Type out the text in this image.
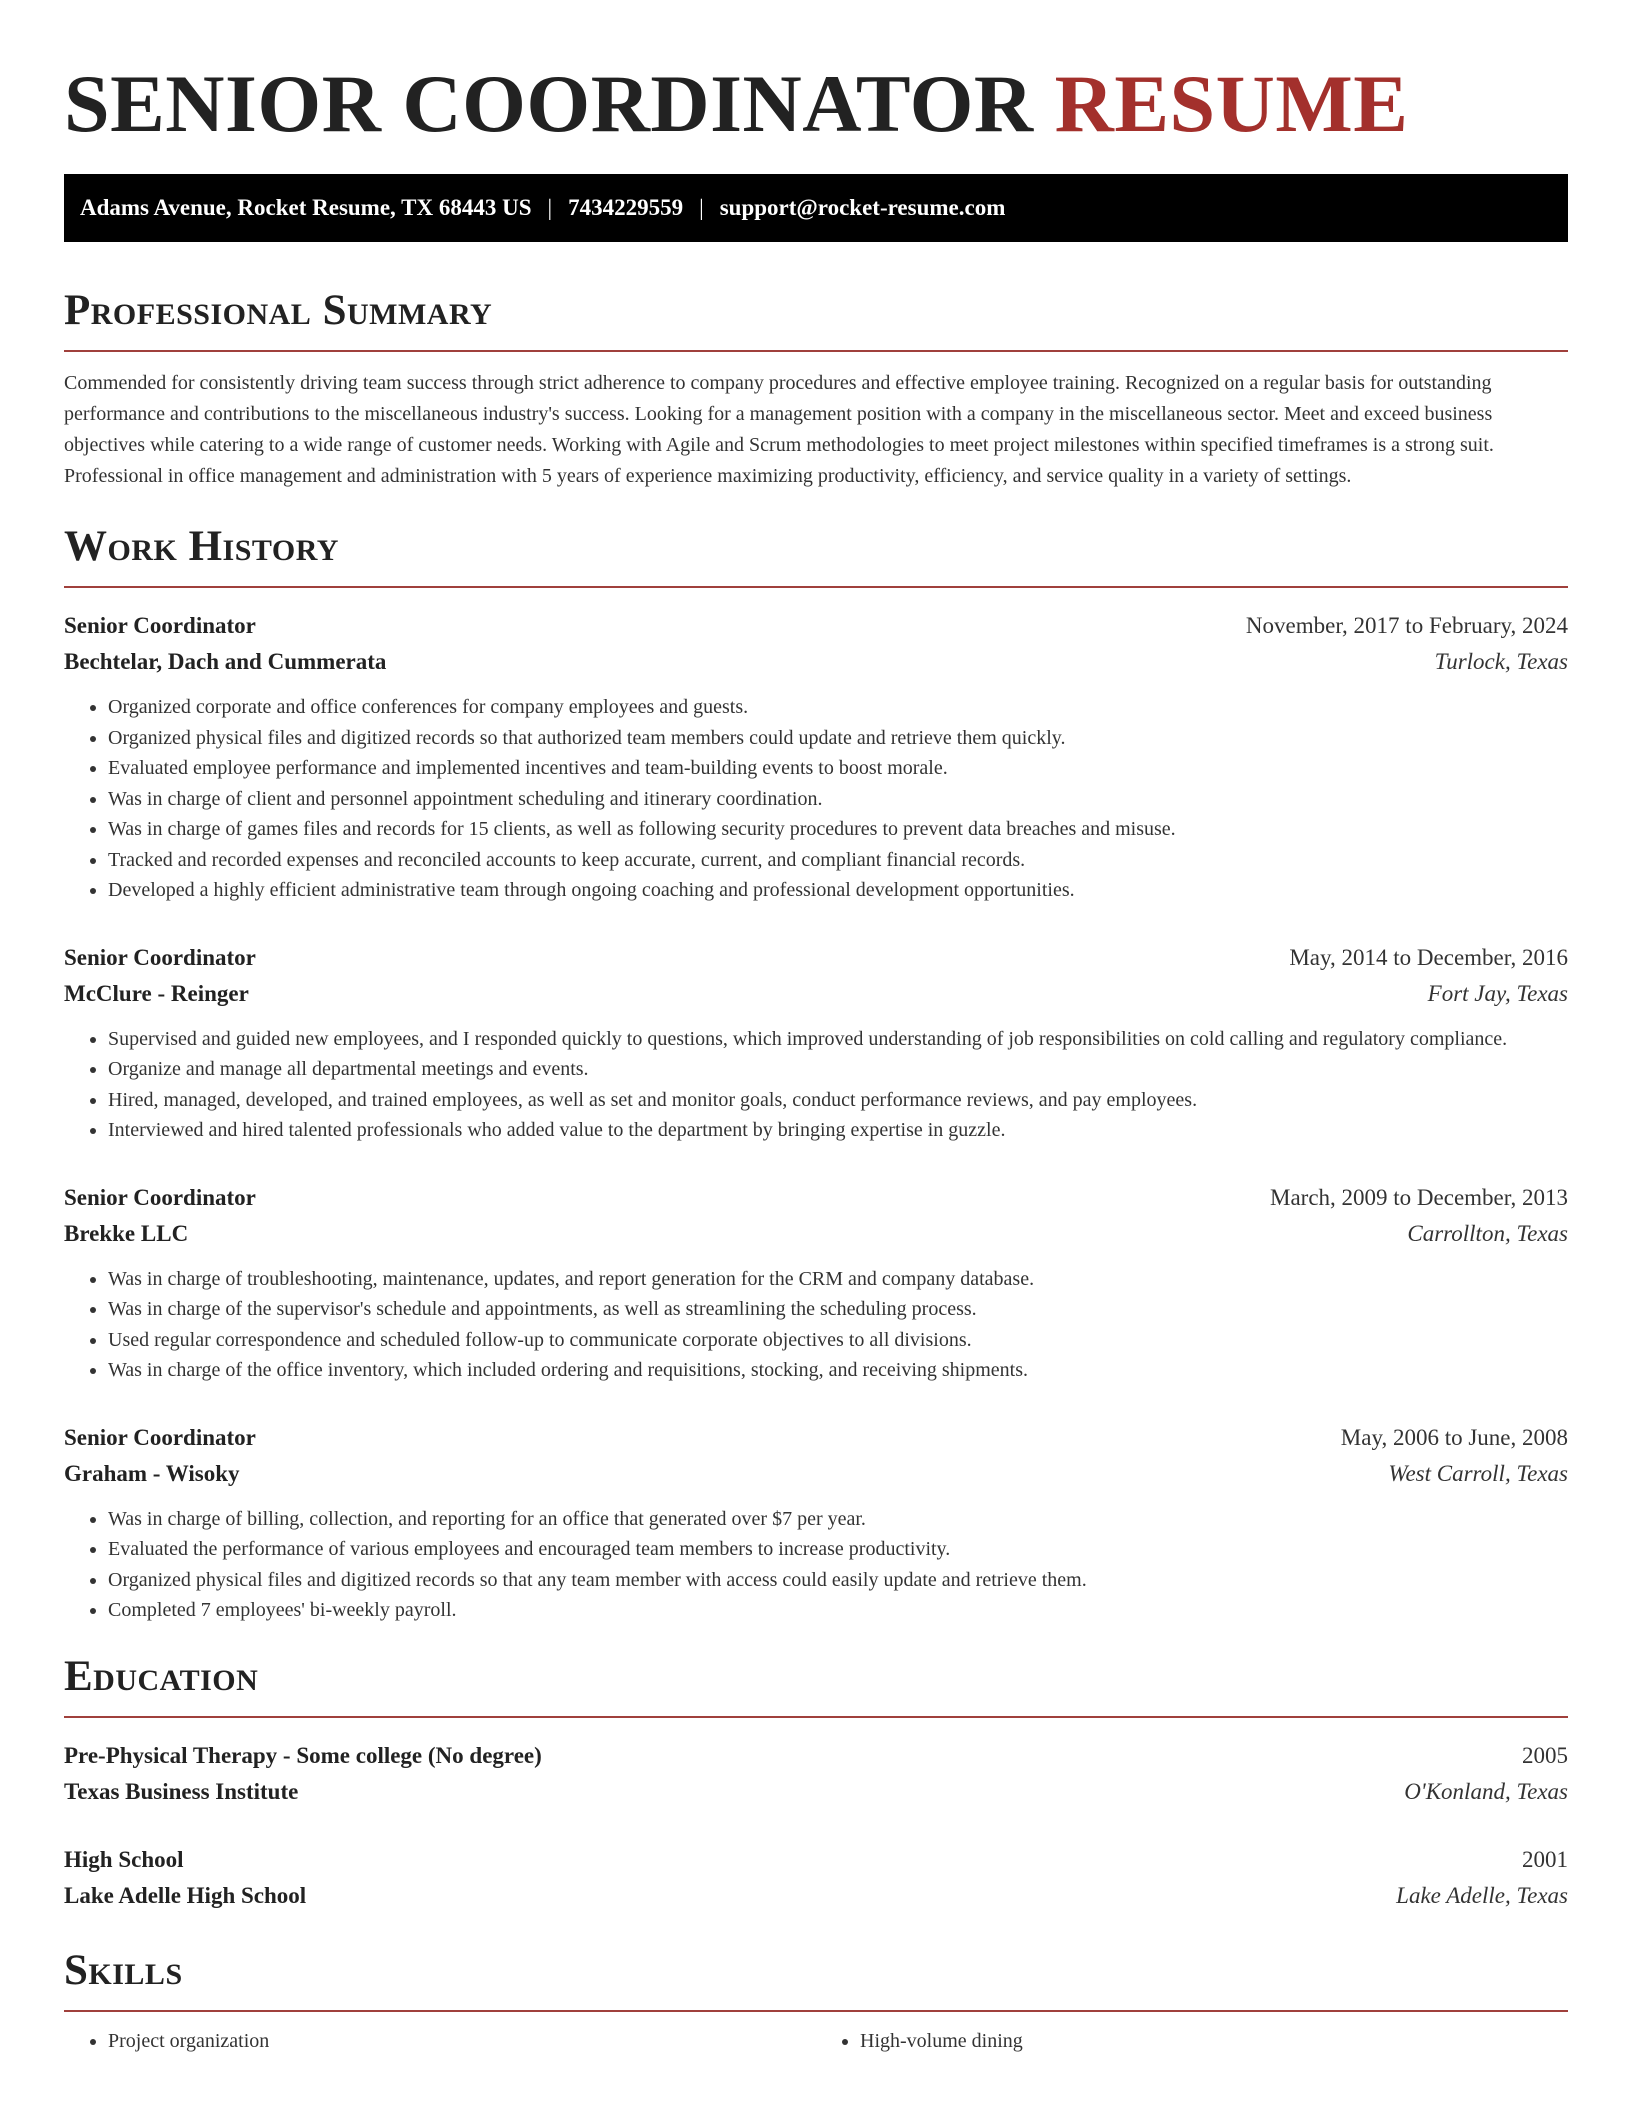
SENIOR COORDINATOR RESUME
Adams Avenue, Rocket Resume, TX 68443 US | 7434229559 | support@rocket-resume.com
Professional Summary

Commended for consistently driving team success through strict adherence to company procedures and effective employee training. Recognized on a regular basis for outstanding performance and contributions to the miscellaneous industry's success. Looking for a management position with a company in the miscellaneous sector. Meet and exceed business objectives while catering to a wide range of customer needs. Working with Agile and Scrum methodologies to meet project milestones within specified timeframes is a strong suit. Professional in office management and administration with 5 years of experience maximizing productivity, efficiency, and service quality in a variety of settings.

Work History
Senior Coordinator	November, 2017 to February, 2024
Bechtelar, Dach and Cummerata	Turlock, Texas
• Organized corporate and office conferences for company employees and guests.
• Organized physical files and digitized records so that authorized team members could update and retrieve them quickly.
• Evaluated employee performance and implemented incentives and team-building events to boost morale.
• Was in charge of client and personnel appointment scheduling and itinerary coordination.
• Was in charge of games files and records for 15 clients, as well as following security procedures to prevent data breaches and misuse.
• Tracked and recorded expenses and reconciled accounts to keep accurate, current, and compliant financial records.
• Developed a highly efficient administrative team through ongoing coaching and professional development opportunities.
Senior Coordinator	May, 2014 to December, 2016
McClure - Reinger	Fort Jay, Texas
• Supervised and guided new employees, and I responded quickly to questions, which improved understanding of job responsibilities on cold calling and regulatory compliance.
• Organize and manage all departmental meetings and events.
• Hired, managed, developed, and trained employees, as well as set and monitor goals, conduct performance reviews, and pay employees.
• Interviewed and hired talented professionals who added value to the department by bringing expertise in guzzle.
Senior Coordinator	March, 2009 to December, 2013
Brekke LLC	Carrollton, Texas
• Was in charge of troubleshooting, maintenance, updates, and report generation for the CRM and company database.
• Was in charge of the supervisor's schedule and appointments, as well as streamlining the scheduling process.
• Used regular correspondence and scheduled follow-up to communicate corporate objectives to all divisions.
• Was in charge of the office inventory, which included ordering and requisitions, stocking, and receiving shipments.
Senior Coordinator	May, 2006 to June, 2008
Graham - Wisoky	West Carroll, Texas
• Was in charge of billing, collection, and reporting for an office that generated over $7 per year.
• Evaluated the performance of various employees and encouraged team members to increase productivity.
• Organized physical files and digitized records so that any team member with access could easily update and retrieve them.
• Completed 7 employees' bi-weekly payroll.
Education
Pre-Physical Therapy - Some college (No degree)	2005
Texas Business Institute	O'Konland, Texas
High School	2001
Lake Adelle High School	Lake Adelle, Texas
Skills
• Project organization
•	High-volume dining
